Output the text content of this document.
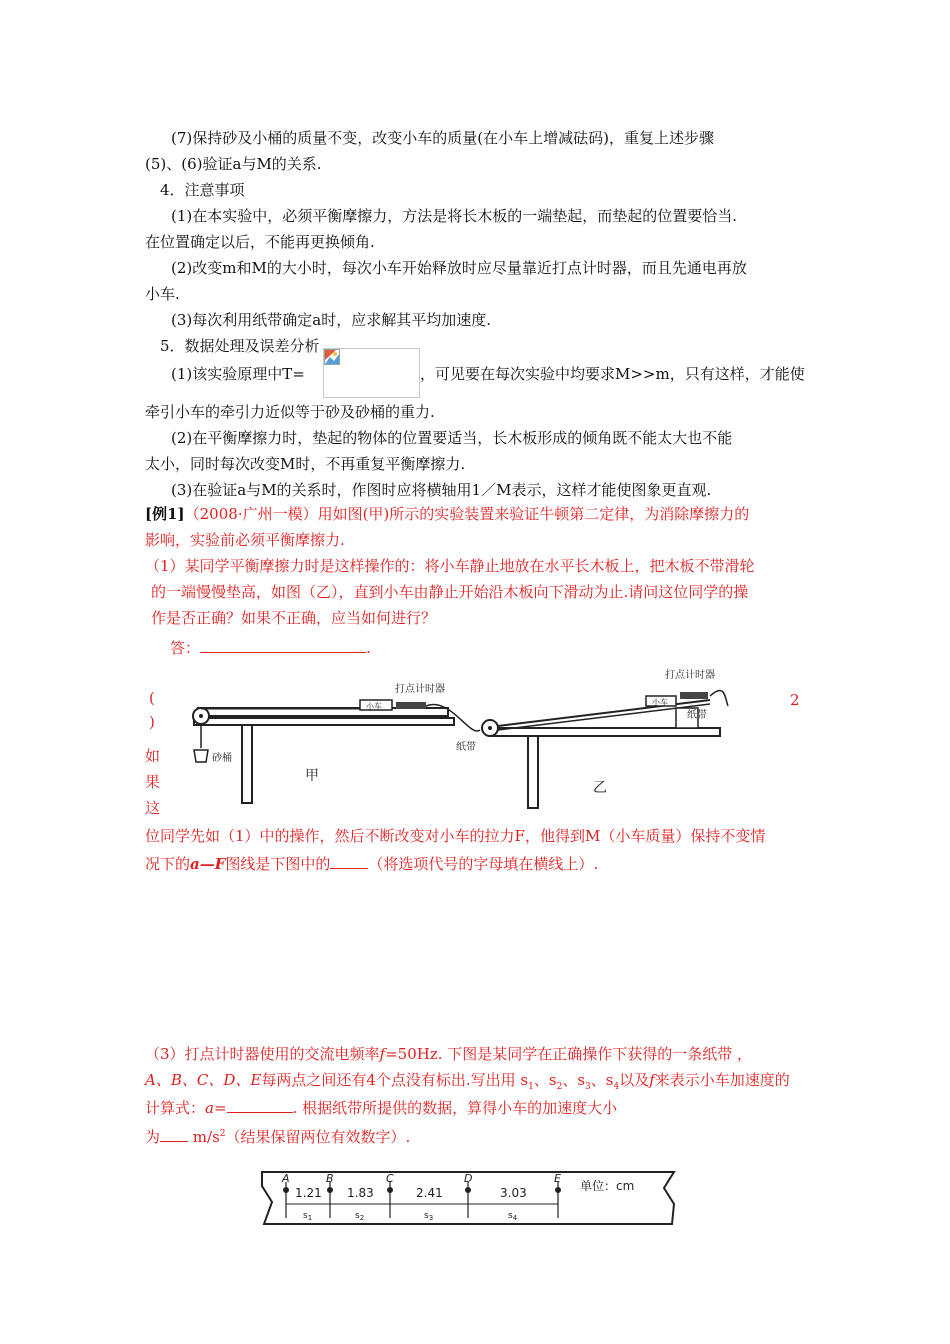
(7)保持砂及小桶的质量不变，改变小车的质量(在小车上增减砝码)，重复上述步骤
(5)、(6)验证a与M的关系.
4．注意事项
(1)在本实验中，必须平衡摩擦力，方法是将长木板的一端垫起，而垫起的位置要恰当.
在位置确定以后，不能再更换倾角.
(2)改变m和M的大小时，每次小车开始释放时应尽量靠近打点计时器，而且先通电再放
小车.
(3)每次利用纸带确定a时，应求解其平均加速度.
5．数据处理及误差分析
(1)该实验原理中T=	，可见要在每次实验中均要求M>>m，只有这样，才能使
牵引小车的牵引力近似等于砂及砂桶的重力.
(2)在平衡摩擦力时，垫起的物体的位置要适当，长木板形成的倾角既不能太大也不能
太小，同时每次改变M时，不再重复平衡摩擦力.
(3)在验证a与M的关系时，作图时应将横轴用1／M表示，这样才能使图象更直观.
[例1]（2008·广州一模）用如图(甲)所示的实验装置来验证牛顿第二定律，为消除摩擦力的
影响，实验前必须平衡摩擦力.
（1）某同学平衡摩擦力时是这样操作的：将小车静止地放在水平长木板上，把木板不带滑轮
的一端慢慢垫高，如图（乙），直到小车由静止开始沿木板向下滑动为止.请问这位同学的操
作是否正确？如果不正确，应当如何进行？
答：	.
(
)
如
果
这
2
砂桶
小车
打点计时器
纸带
甲
小车
打点计时器
纸带
乙
位同学先如（1）中的操作，然后不断改变对小车的拉力F，他得到M（小车质量）保持不变情
况下的a—F图线是下图中的	（将选项代号的字母填在横线上）.
（3）打点计时器使用的交流电频率f=50Hz. 下图是某同学在正确操作下获得的一条纸带 ，
A、B、C、D、E每两点之间还有4个点没有标出.写出用 $s_1$、$s_2$、$s_3$、$s_4$以及f来表示小车加速度的
计算式：a=	. 根据纸带所提供的数据，算得小车的加速度大小
为 $m/s^2$（结果保留两位有效数字）.
A	B	C	D	E
1.21
$s_1$
1.83
$s_2$
2.41
$s_3$
3.03
$s_4$
单位：cm
